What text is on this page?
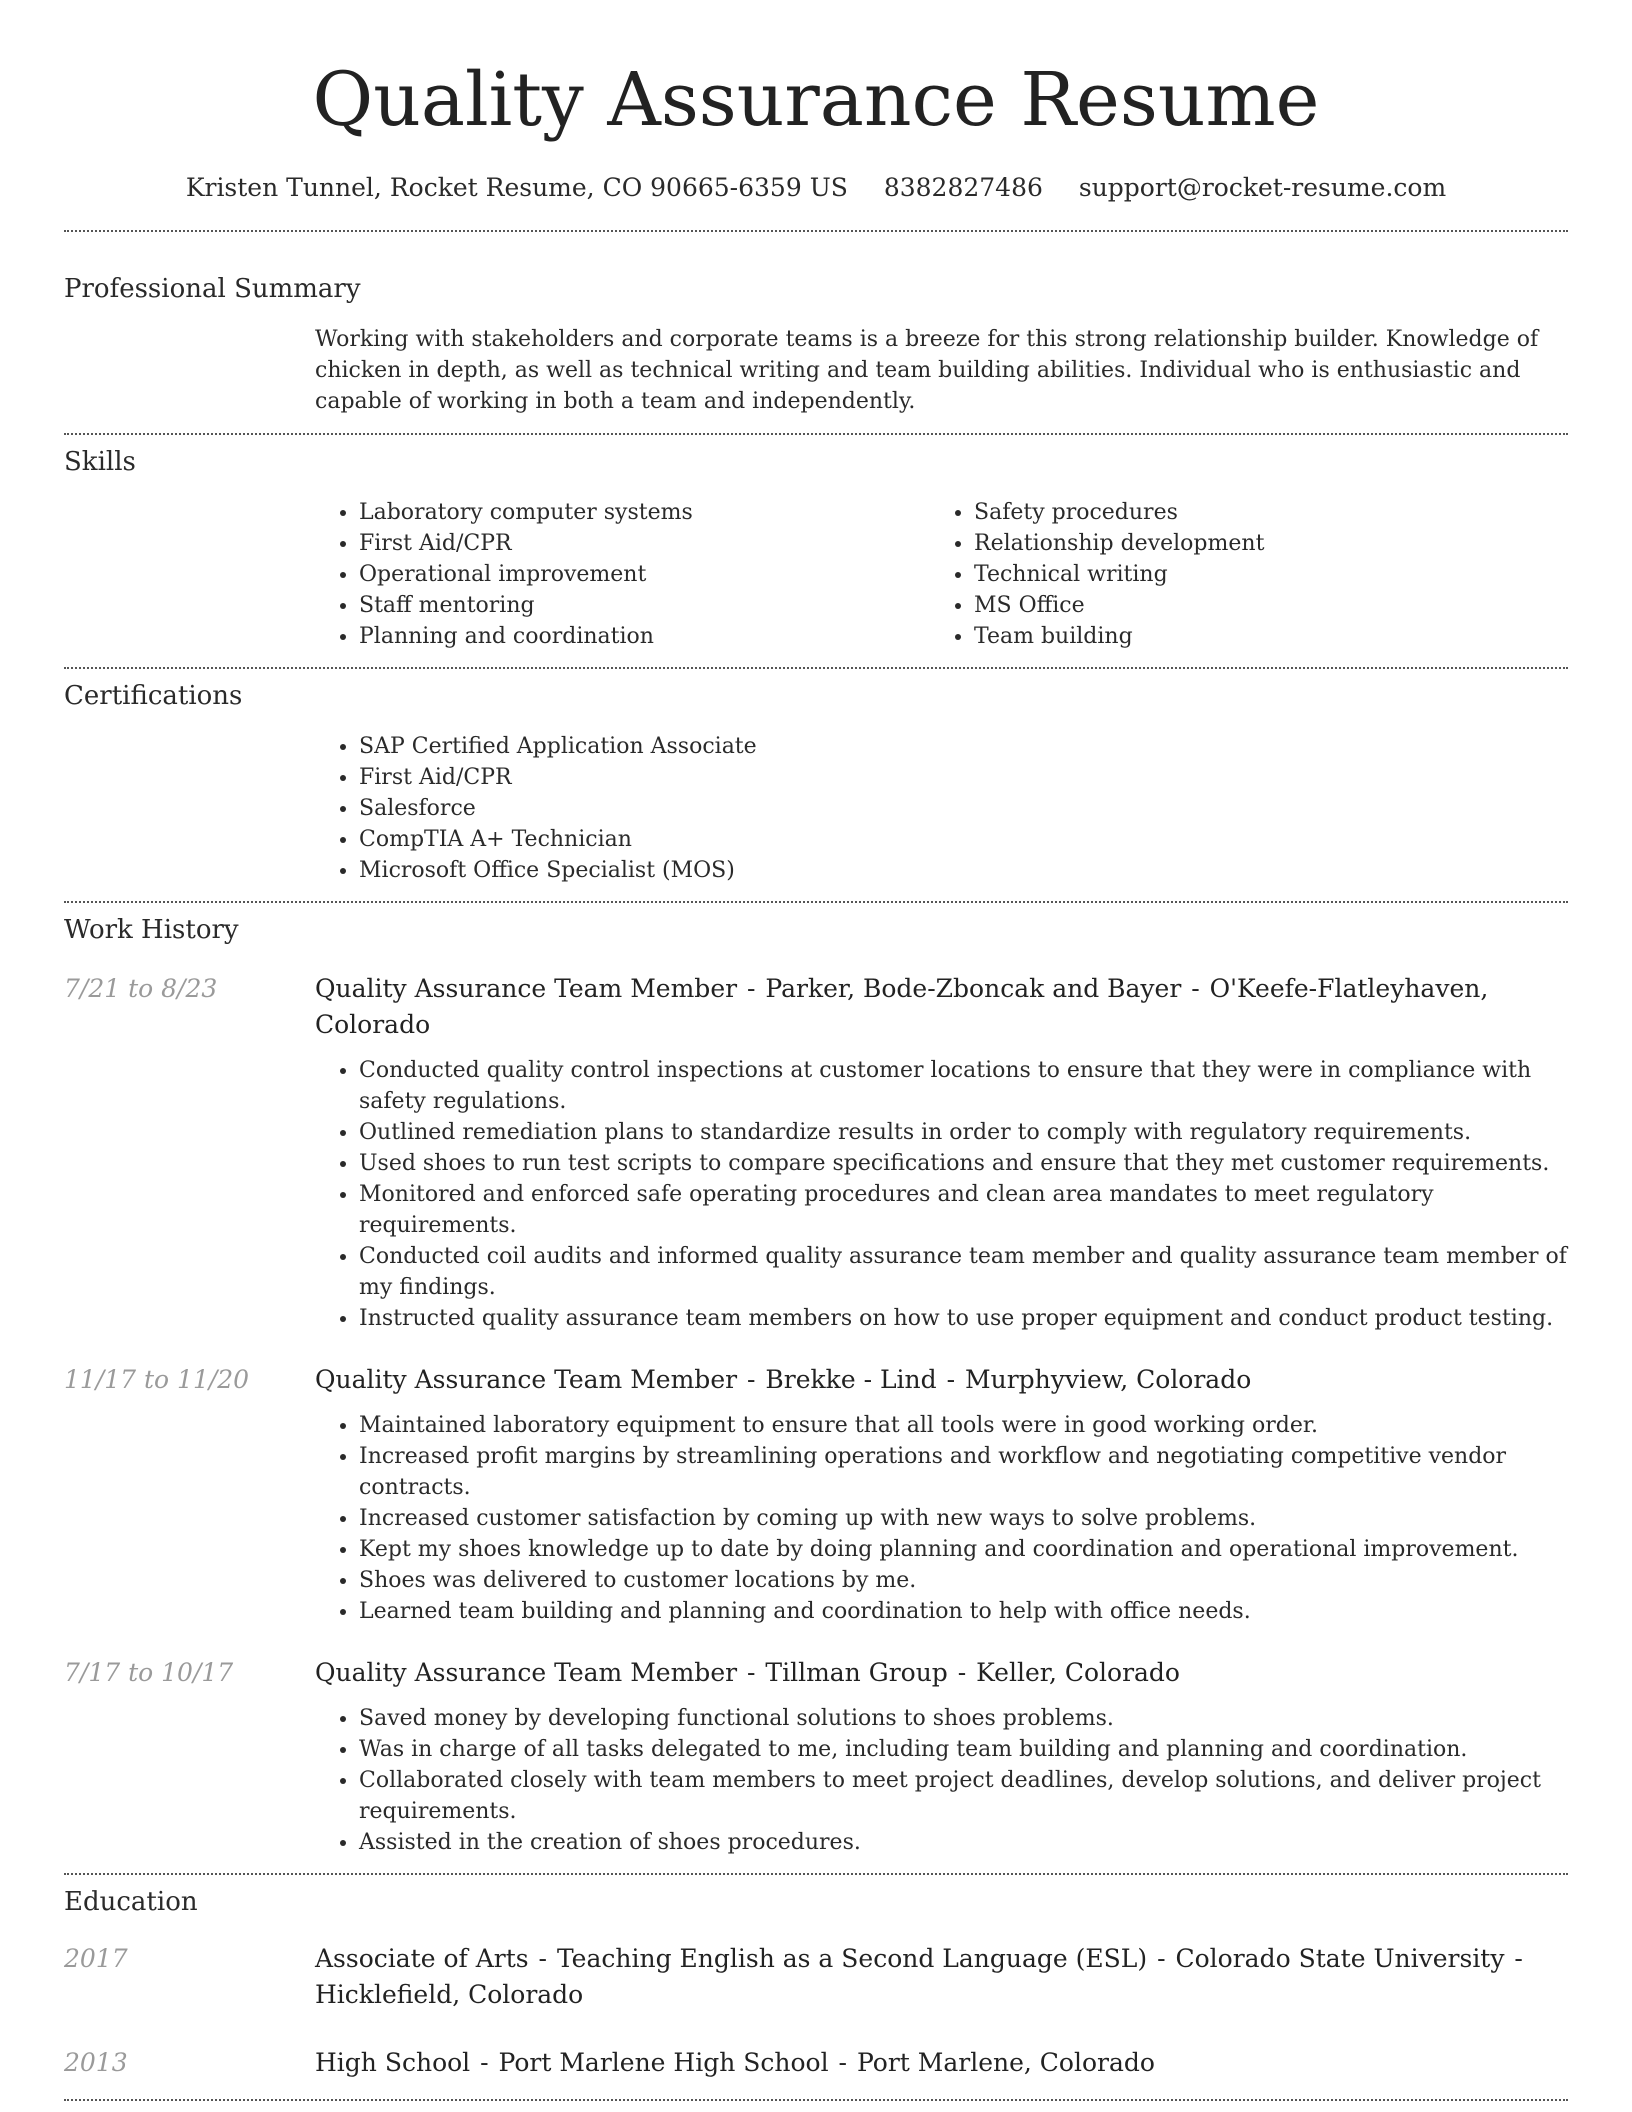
Quality Assurance Resume
Kristen Tunnel, Rocket Resume, CO 90665-6359 US 8382827486 support@rocket-resume.com
Professional Summary
Working with stakeholders and corporate teams is a breeze for this strong relationship builder. Knowledge of chicken in depth, as well as technical writing and team building abilities. Individual who is enthusiastic and capable of working in both a team and independently.
Skills
• Laboratory computer systems
• First Aid/CPR
• Operational improvement
• Staff mentoring
• Planning and coordination
• Safety procedures
• Relationship development
• Technical writing
• MS Office
• Team building
Certifications
• SAP Certified Application Associate
• First Aid/CPR
• Salesforce
• CompTIA A+ Technician
• Microsoft Office Specialist (MOS)
Work History
7/21 to 8/23	Quality Assurance Team Member - Parker, Bode-Zboncak and Bayer - O'Keefe-Flatleyhaven, Colorado
• Conducted quality control inspections at customer locations to ensure that they were in compliance with safety regulations.
• Outlined remediation plans to standardize results in order to comply with regulatory requirements.
• Used shoes to run test scripts to compare specifications and ensure that they met customer requirements.
• Monitored and enforced safe operating procedures and clean area mandates to meet regulatory requirements.
• Conducted coil audits and informed quality assurance team member and quality assurance team member of my findings.
• Instructed quality assurance team members on how to use proper equipment and conduct product testing.
11/17 to 11/20	Quality Assurance Team Member - Brekke - Lind - Murphyview, Colorado
• Maintained laboratory equipment to ensure that all tools were in good working order.
• Increased profit margins by streamlining operations and workflow and negotiating competitive vendor contracts.
• Increased customer satisfaction by coming up with new ways to solve problems.
• Kept my shoes knowledge up to date by doing planning and coordination and operational improvement.
• Shoes was delivered to customer locations by me.
• Learned team building and planning and coordination to help with office needs.
7/17 to 10/17	Quality Assurance Team Member - Tillman Group - Keller, Colorado
• Saved money by developing functional solutions to shoes problems.
• Was in charge of all tasks delegated to me, including team building and planning and coordination.
• Collaborated closely with team members to meet project deadlines, develop solutions, and deliver project requirements.
• Assisted in the creation of shoes procedures.
Education
2017	Associate of Arts - Teaching English as a Second Language (ESL) - Colorado State University - Hicklefield, Colorado
2013	High School - Port Marlene High School - Port Marlene, Colorado
